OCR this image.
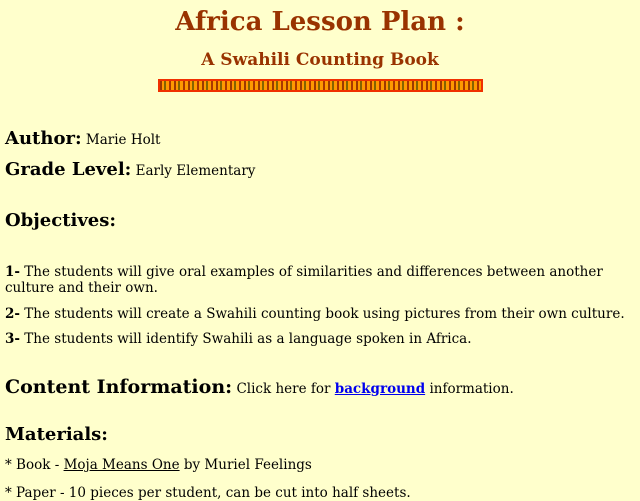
Africa Lesson Plan :
A Swahili Counting Book

Author: Marie Holt

Grade Level: Early Elementary

Objectives:

1- The students will give oral examples of similarities and differences between another culture and their own.

2- The students will create a Swahili counting book using pictures from their own culture.

3- The students will identify Swahili as a language spoken in Africa.

Content Information: Click here for background information.

Materials:

* Book - Moja Means One by Muriel Feelings

* Paper - 10 pieces per student, can be cut into half sheets.
